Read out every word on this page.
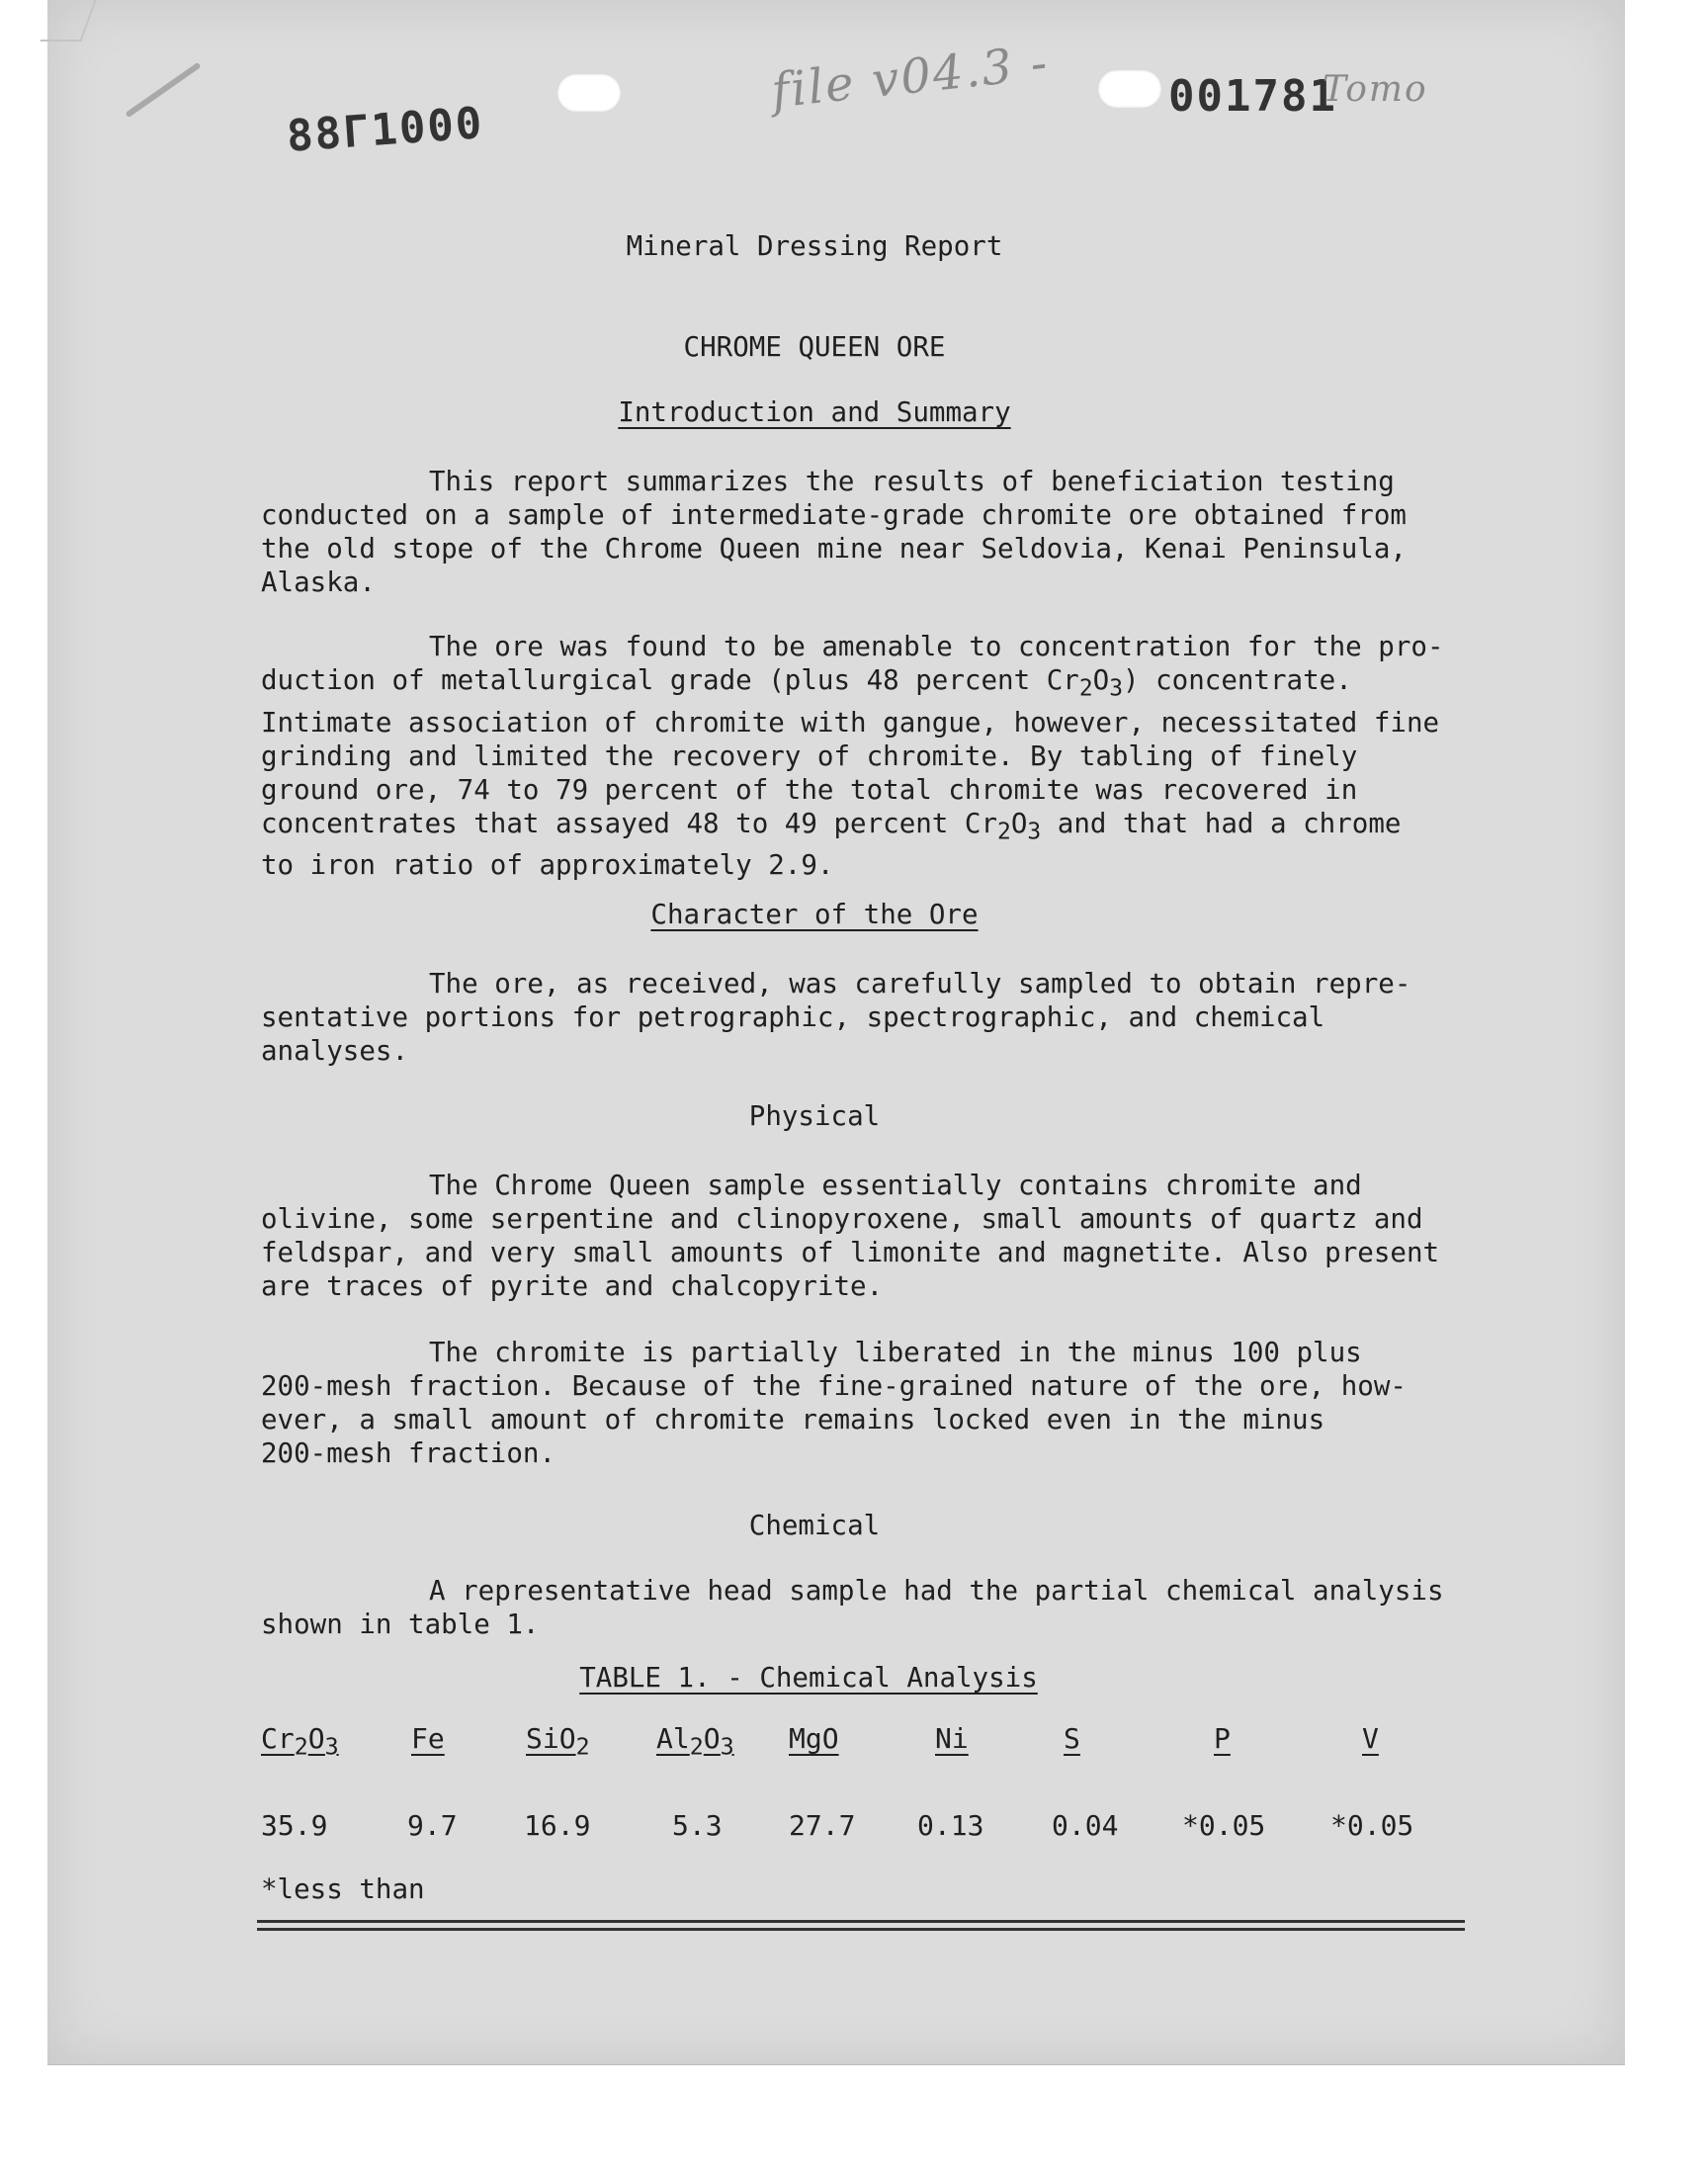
88Γ1000
file v04.3 -	001781
Tomo

Mineral Dressing Report

CHROME QUEEN ORE

Introduction and Summary

This report summarizes the results of beneficiation testing
conducted on a sample of intermediate-grade chromite ore obtained from
the old stope of the Chrome Queen mine near Seldovia, Kenai Peninsula,
Alaska.
The ore was found to be amenable to concentration for the pro-
duction of metallurgical grade (plus 48 percent $Cr_2O_3$) concentrate.
Intimate association of chromite with gangue, however, necessitated fine
grinding and limited the recovery of chromite. By tabling of finely
ground ore, 74 to 79 percent of the total chromite was recovered in
concentrates that assayed 48 to 49 percent $Cr_2O_3$ and that had a chrome
to iron ratio of approximately 2.9.

Character of the Ore

The ore, as received, was carefully sampled to obtain repre-
sentative portions for petrographic, spectrographic, and chemical
analyses.

Physical

The Chrome Queen sample essentially contains chromite and
olivine, some serpentine and clinopyroxene, small amounts of quartz and
feldspar, and very small amounts of limonite and magnetite. Also present
are traces of pyrite and chalcopyrite.
The chromite is partially liberated in the minus 100 plus
200-mesh fraction. Because of the fine-grained nature of the ore, how-
ever, a small amount of chromite remains locked even in the minus
200-mesh fraction.

Chemical

A representative head sample had the partial chemical analysis
shown in table 1.

TABLE 1. - Chemical Analysis

$Cr_2O_3$	Fe	SiO$_2$ $Al_2O_3$ MgO	Ni	S	P	V
35.9	9.7 16.9	5.3 27.7 0.13 0.04 *0.05 *0.05

*less than
